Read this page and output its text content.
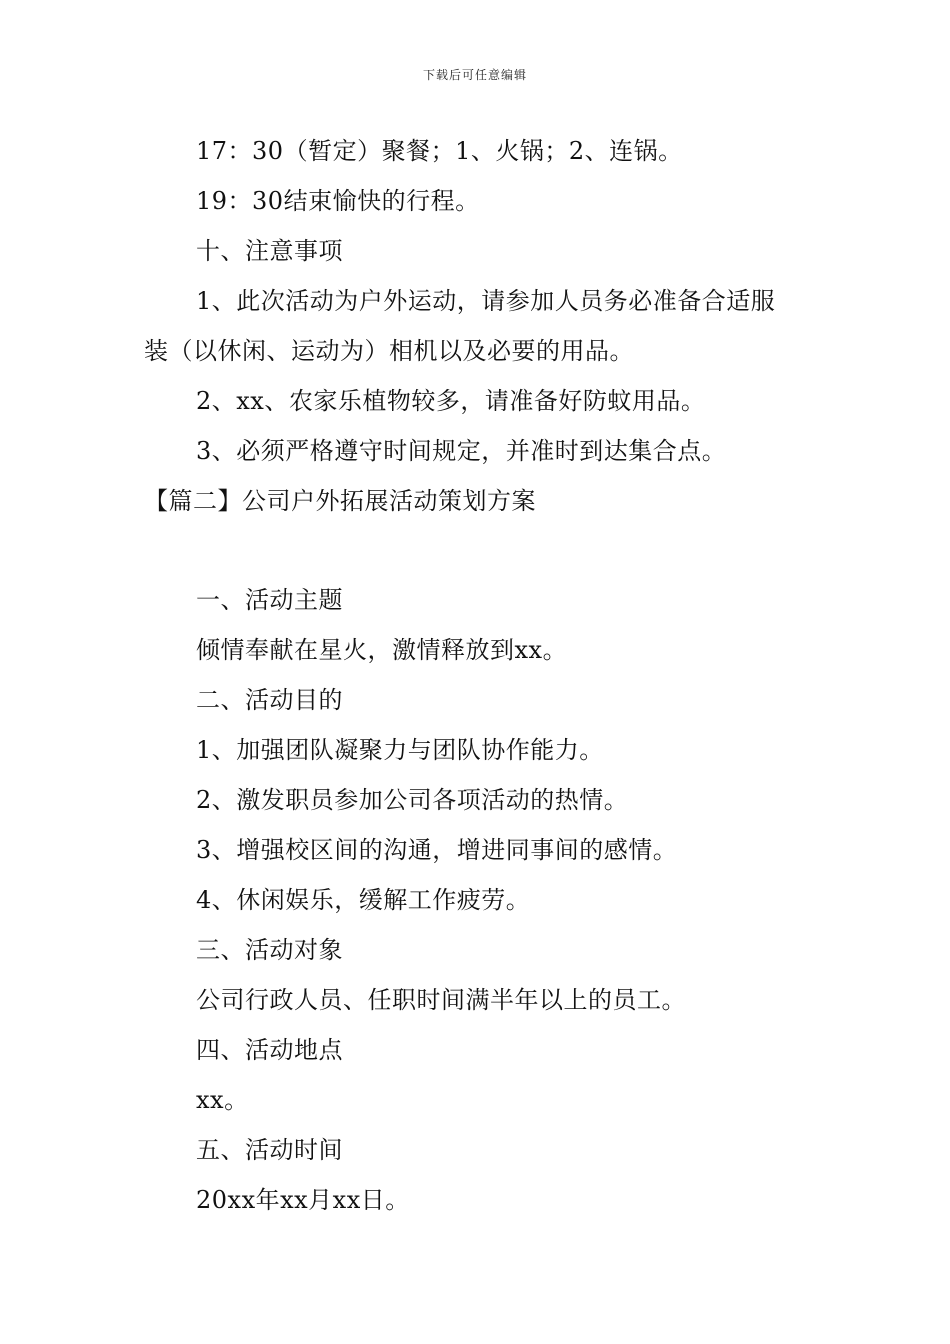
下载后可任意编辑
17：30（暂定）聚餐；1、火锅；2、连锅。
19：30结束愉快的行程。
十、注意事项
1、此次活动为户外运动，请参加人员务必准备合适服
装（以休闲、运动为）相机以及必要的用品。
2、xx、农家乐植物较多，请准备好防蚊用品。
3、必须严格遵守时间规定，并准时到达集合点。
【篇二】公司户外拓展活动策划方案
一、活动主题
倾情奉献在星火，激情释放到xx。
二、活动目的
1、加强团队凝聚力与团队协作能力。
2、激发职员参加公司各项活动的热情。
3、增强校区间的沟通，增进同事间的感情。
4、休闲娱乐，缓解工作疲劳。
三、活动对象
公司行政人员、任职时间满半年以上的员工。
四、活动地点
xx。
五、活动时间
20xx年xx月xx日。
